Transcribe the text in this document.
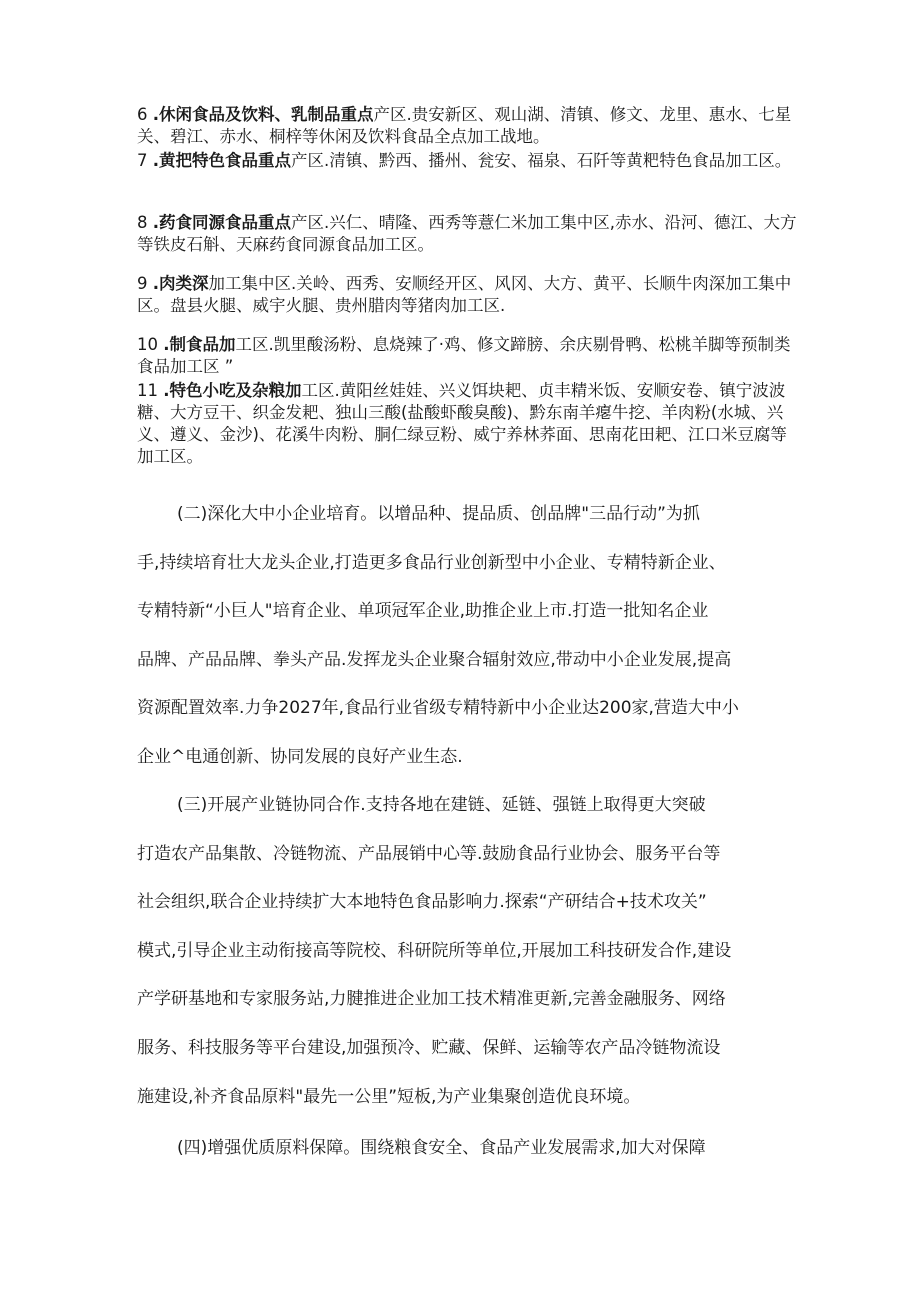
6 .休闲食品及饮料、乳制品重点产区.贵安新区、观山湖、清镇、修文、龙里、惠水、七星关、碧江、赤水、桐梓等休闲及饮料食品全点加工战地。
7 .黄把特色食品重点产区.清镇、黔西、播州、瓮安、福泉、石阡等黄粑特色食品加工区。
8 .药食同源食品重点产区.兴仁、晴隆、西秀等薏仁米加工集中区,赤水、沿河、德江、大方等铁皮石斛、天麻药食同源食品加工区。
9 .肉类深加工集中区.关岭、西秀、安顺经开区、风冈、大方、黄平、长顺牛肉深加工集中区。盘县火腿、威宇火腿、贵州腊肉等猪肉加工区.
10 .制食品加工区.凯里酸汤粉、息烧辣了·鸡、修文蹄膀、余庆剔骨鸭、松桃羊脚等预制类食品加工区 ”
11 .特色小吃及杂粮加工区.黄阳丝娃娃、兴义饵块耙、贞丰精米饭、安顺安卷、镇宁波波糖、大方豆干、织金发耙、独山三酸(盐酸虾酸臭酸)、黔东南羊瘪牛挖、羊肉粉(水城、兴义、遵义、金沙)、花溪牛肉粉、胴仁绿豆粉、威宁养林荞面、思南花田耙、江口米豆腐等加工区。
(二)深化大中小企业培育。以增品种、提品质、创品牌"三品行动”为抓
手,持续培育壮大龙头企业,打造更多食品行业创新型中小企业、专精特新企业、
专精特新“小巨人"培育企业、单项冠军企业,助推企业上市.打造一批知名企业
品牌、产品品牌、拳头产品.发挥龙头企业聚合辐射效应,带动中小企业发展,提高
资源配置效率.力争2027年,食品行业省级专精特新中小企业达200家,营造大中小
企业^电通创新、协同发展的良好产业生态.
(三)开展产业链协同合作.支持各地在建链、延链、强链上取得更大突破
打造农产品集散、冷链物流、产品展销中心等.鼓励食品行业协会、服务平台等
社会组织,联合企业持续扩大本地特色食品影响力.探索“产研结合+技术攻关”
模式,引导企业主动衔接高等院校、科研院所等单位,开展加工科技研发合作,建设
产学研基地和专家服务站,力腱推进企业加工技术精准更新,完善金融服务、网络
服务、科技服务等平台建设,加强预冷、贮藏、保鲜、运输等农产品冷链物流设
施建设,补齐食品原料"最先一公里”短板,为产业集聚创造优良环境。
(四)增强优质原料保障。围绕粮食安全、食品产业发展需求,加大对保障
